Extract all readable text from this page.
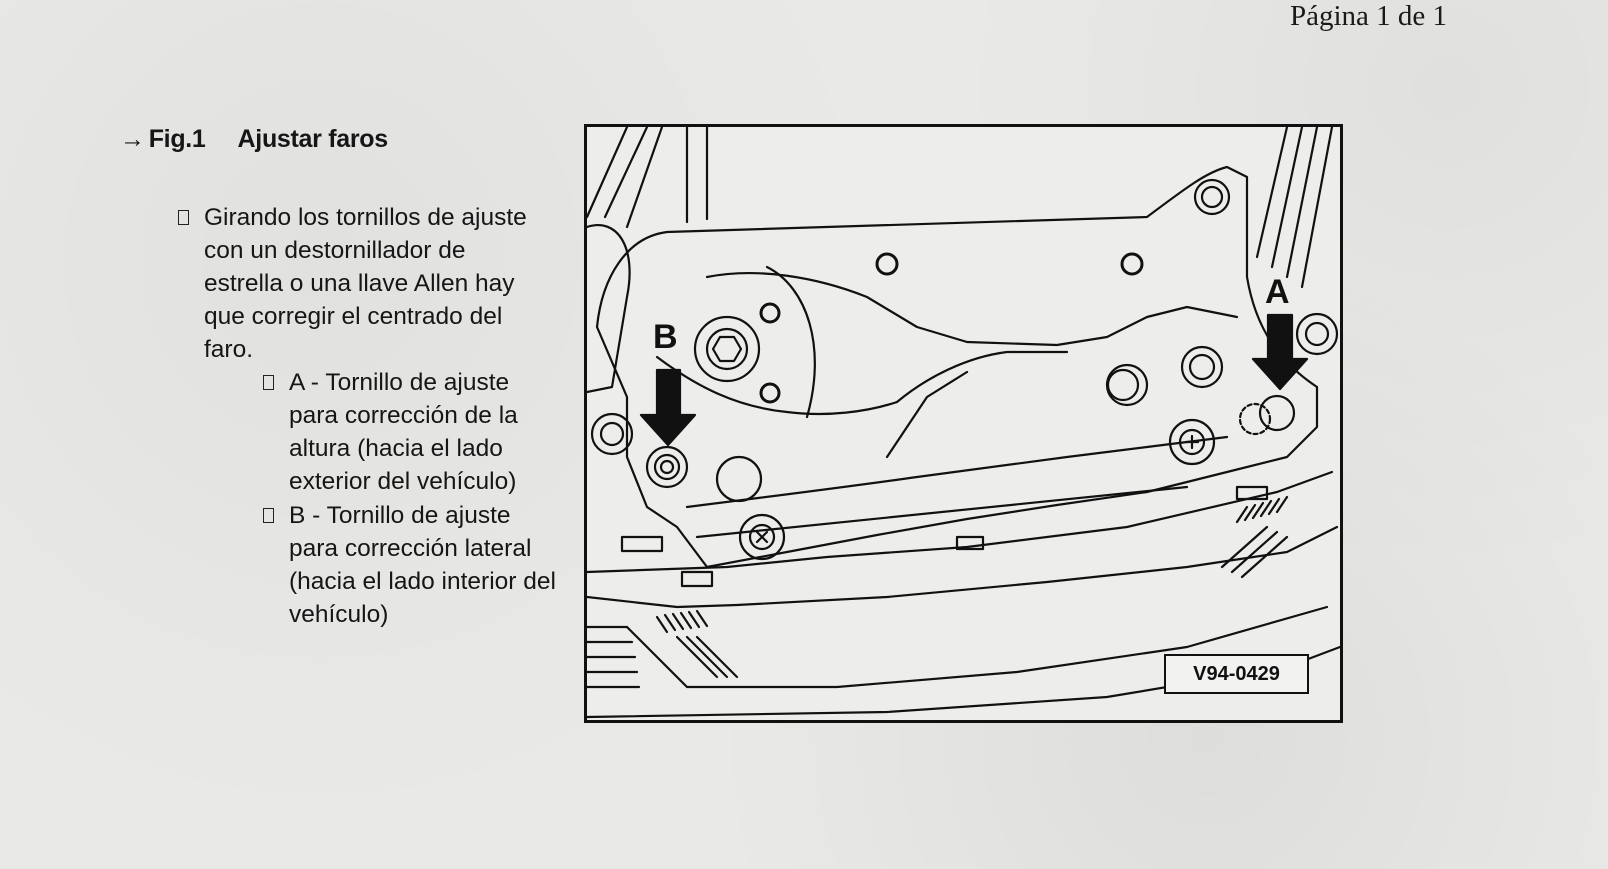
Página 1 de 1
→ Fig.1 Ajustar faros
Girando los tornillos de ajuste con un destornillador de estrella o una llave Allen hay que corregir el centrado del faro.
A - Tornillo de ajuste para corrección de la altura (hacia el lado exterior del vehículo)
B - Tornillo de ajuste para corrección lateral (hacia el lado interior del vehículo)
A
B
V94-0429
